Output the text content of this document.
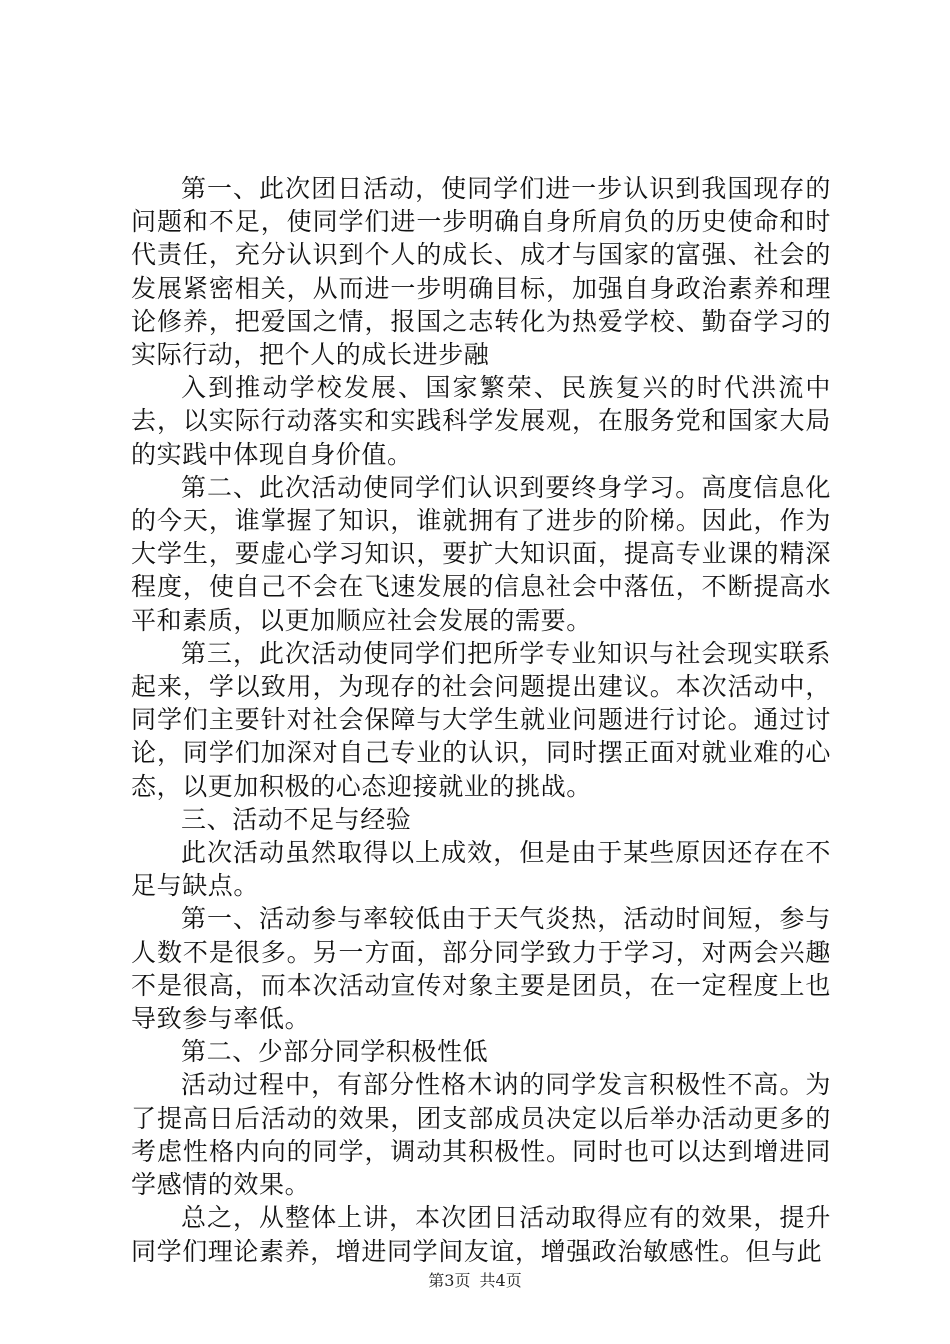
第一、此次团日活动，使同学们进一步认识到我国现存的问题和不足，使同学们进一步明确自身所肩负的历史使命和时代责任，充分认识到个人的成长、成才与国家的富强、社会的发展紧密相关，从而进一步明确目标，加强自身政治素养和理论修养，把爱国之情，报国之志转化为热爱学校、勤奋学习的实际行动，把个人的成长进步融

入到推动学校发展、国家繁荣、民族复兴的时代洪流中去，以实际行动落实和实践科学发展观，在服务党和国家大局的实践中体现自身价值。

第二、此次活动使同学们认识到要终身学习。高度信息化的今天，谁掌握了知识，谁就拥有了进步的阶梯。因此，作为大学生，要虚心学习知识，要扩大知识面，提高专业课的精深程度，使自己不会在飞速发展的信息社会中落伍，不断提高水平和素质，以更加顺应社会发展的需要。

第三，此次活动使同学们把所学专业知识与社会现实联系起来，学以致用，为现存的社会问题提出建议。本次活动中，同学们主要针对社会保障与大学生就业问题进行讨论。通过讨论，同学们加深对自己专业的认识，同时摆正面对就业难的心态，以更加积极的心态迎接就业的挑战。

三、活动不足与经验

此次活动虽然取得以上成效，但是由于某些原因还存在不足与缺点。

第一、活动参与率较低由于天气炎热，活动时间短，参与人数不是很多。另一方面，部分同学致力于学习，对两会兴趣不是很高，而本次活动宣传对象主要是团员，在一定程度上也导致参与率低。

第二、少部分同学积极性低

活动过程中，有部分性格木讷的同学发言积极性不高。为了提高日后活动的效果，团支部成员决定以后举办活动更多的考虑性格内向的同学，调动其积极性。同时也可以达到增进同学感情的效果。

总之，从整体上讲，本次团日活动取得应有的效果，提升同学们理论素养，增进同学间友谊，增强政治敏感性。但与此

第3页 共4页
